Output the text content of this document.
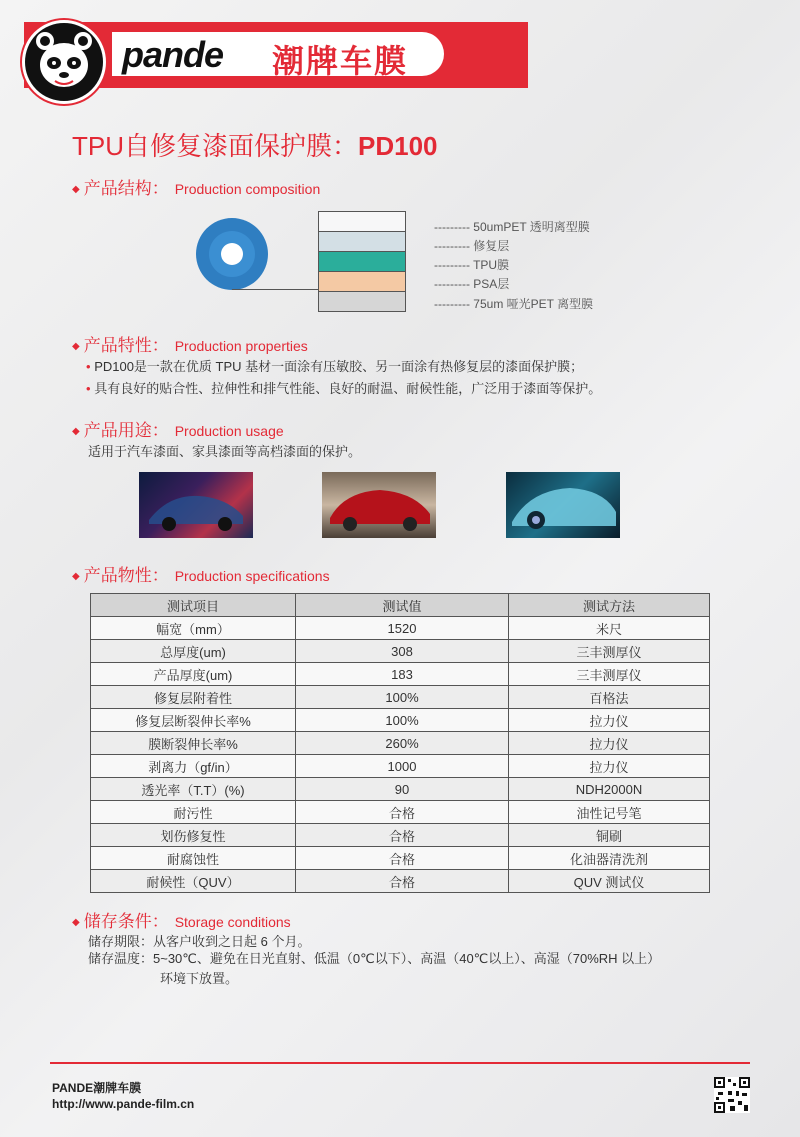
pande 潮牌车膜
TPU自修复漆面保护膜：PD100
◆ 产品结构： Production composition
--------- 50umPET 透明离型膜
--------- 修复层
--------- TPU膜
--------- PSA层
--------- 75um 哑光PET 离型膜
◆ 产品特性： Production properties
• PD100是一款在优质 TPU 基材一面涂有压敏胶、另一面涂有热修复层的漆面保护膜；
• 具有良好的贴合性、拉伸性和排气性能、良好的耐温、耐候性能，广泛用于漆面等保护。
◆ 产品用途： Production usage
适用于汽车漆面、家具漆面等高档漆面的保护。
◆ 产品物性： Production specifications
测试项目	测试值	测试方法
幅宽（mm）	1520	米尺
总厚度(um)	308	三丰测厚仪
产品厚度(um)	183	三丰测厚仪
修复层附着性	100%	百格法
修复层断裂伸长率%	100%	拉力仪
膜断裂伸长率%	260%	拉力仪
剥离力（gf/in）	1000	拉力仪
透光率（T.T）(%)	90	NDH2000N
耐污性	合格	油性记号笔
划伤修复性	合格	铜刷
耐腐蚀性	合格	化油器清洗剂
耐候性（QUV）	合格	QUV 测试仪
◆ 储存条件： Storage conditions
储存期限：从客户收到之日起 6 个月。
储存温度：5~30℃、避免在日光直射、低温（0℃以下）、高温（40℃以上）、高湿（70%RH 以上）
环境下放置。
PANDE潮牌车膜
http://www.pande-film.cn
